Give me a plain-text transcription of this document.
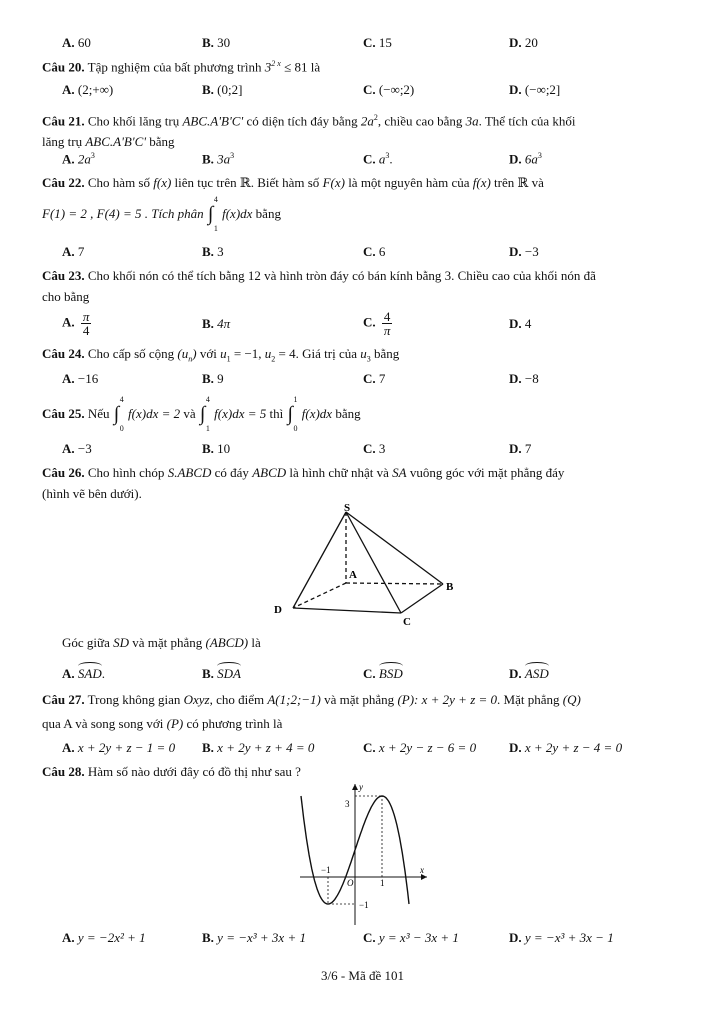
A. 60	B. 30	C. 15	D. 20
Câu 20. Tập nghiệm của bất phương trình $3^{2 x} \le 81$ là
A. (2;+∞)	B. (0;2]	C. (−∞;2)	D. (−∞;2]
Câu 21. Cho khối lăng trụ ABC.A'B'C' có diện tích đáy bằng $2a^2$, chiều cao bằng 3a. Thể tích của khối
lăng trụ ABC.A'B'C' bằng
A. $2a^3$	B. $3a^3$	C. $a^3$.	D. $6a^3$
Câu 22. Cho hàm số f(x) liên tục trên ℝ. Biết hàm số F(x) là một nguyên hàm của f(x) trên ℝ và
F(1) = 2 , F(4) = 5 . Tích phân ∫
4
1
f(x)dx bằng
A. 7	B. 3	C. 6	D. −3
Câu 23. Cho khối nón có thể tích bằng 12 và hình tròn đáy có bán kính bằng 3. Chiều cao của khối nón đã
cho bằng
A. $\frac{\pi}{4}$	B. 4π	C. $\frac{4}{\pi}$	D. 4
Câu 24. Cho cấp số cộng $(u_n)$ với $u_1 = -1$, $u_2 = 4$. Giá trị của $u_3$ bằng
A. −16	B. 9	C. 7	D. −8
Câu 25. Nếu ∫
4
0
f(x)dx = 2 và ∫
4
1
f(x)dx = 5 thì ∫
1
0
f(x)dx bằng
A. −3	B. 10	C. 3	D. 7
Câu 26. Cho hình chóp S.ABCD có đáy ABCD là hình chữ nhật và SA vuông góc với mặt phẳng đáy
(hình vẽ bên dưới).
S
A
B
C
D
Góc giữa SD và mặt phẳng (ABCD) là
A. SAD.	B. SDA	C. BSD	D. ASD
Câu 27. Trong không gian Oxyz, cho điểm A(1;2;−1) và mặt phẳng (P): x + 2y + z = 0. Mặt phẳng (Q)
qua A và song song với (P) có phương trình là
A. x + 2y + z − 1 = 0 B. x + 2y + z + 4 = 0	C. x + 2y − z − 6 = 0	D. x + 2y + z − 4 = 0
Câu 28. Hàm số nào dưới đây có đồ thị như sau ?
y
x
O
3
1
−1
−1
A. y = −2x² + 1	B. y = −x³ + 3x + 1	C. y = x³ − 3x + 1	D. y = −x³ + 3x − 1
3/6 - Mã đề 101
